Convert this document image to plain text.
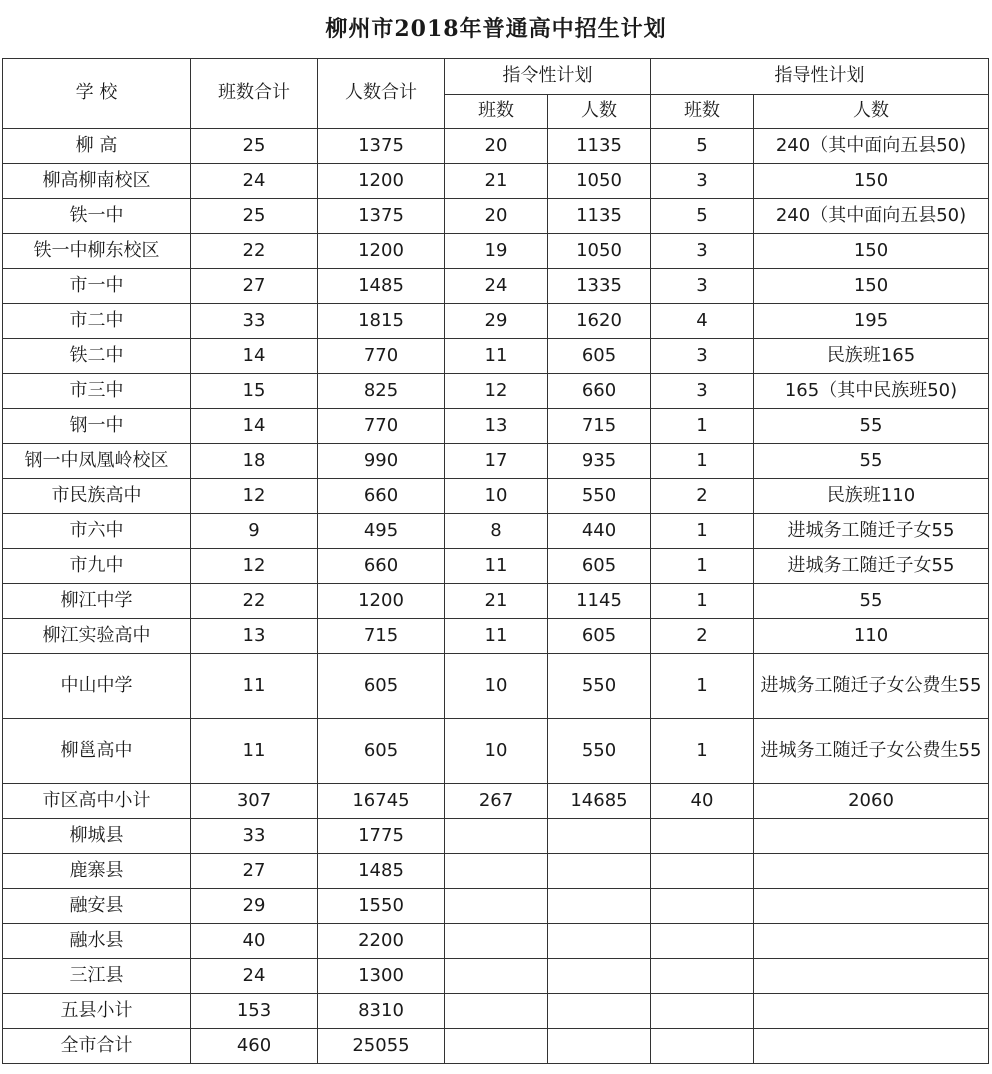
柳州市2018年普通高中招生计划
学 校	班数合计	人数合计	指令性计划		指导性计划	
			班数	人数	班数	人数
柳 高	25	1375	20	1135	5	240（其中面向五县50)
柳高柳南校区	24	1200	21	1050	3	150
铁一中	25	1375	20	1135	5	240（其中面向五县50)
铁一中柳东校区	22	1200	19	1050	3	150
市一中	27	1485	24	1335	3	150
市二中	33	1815	29	1620	4	195
铁二中	14	770	11	605	3	民族班165
市三中	15	825	12	660	3	165（其中民族班50)
钢一中	14	770	13	715	1	55
钢一中凤凰岭校区	18	990	17	935	1	55
市民族高中	12	660	10	550	2	民族班110
市六中	9	495	8	440	1	进城务工随迁子女55
市九中	12	660	11	605	1	进城务工随迁子女55
柳江中学	22	1200	21	1145	1	55
柳江实验高中	13	715	11	605	2	110
中山中学	11	605	10	550	1	进城务工随迁子女公费生55
柳邕高中	11	605	10	550	1	进城务工随迁子女公费生55
市区高中小计	307	16745	267	14685	40	2060
柳城县	33	1775				
鹿寨县	27	1485				
融安县	29	1550				
融水县	40	2200				
三江县	24	1300				
五县小计	153	8310				
全市合计	460	25055				
